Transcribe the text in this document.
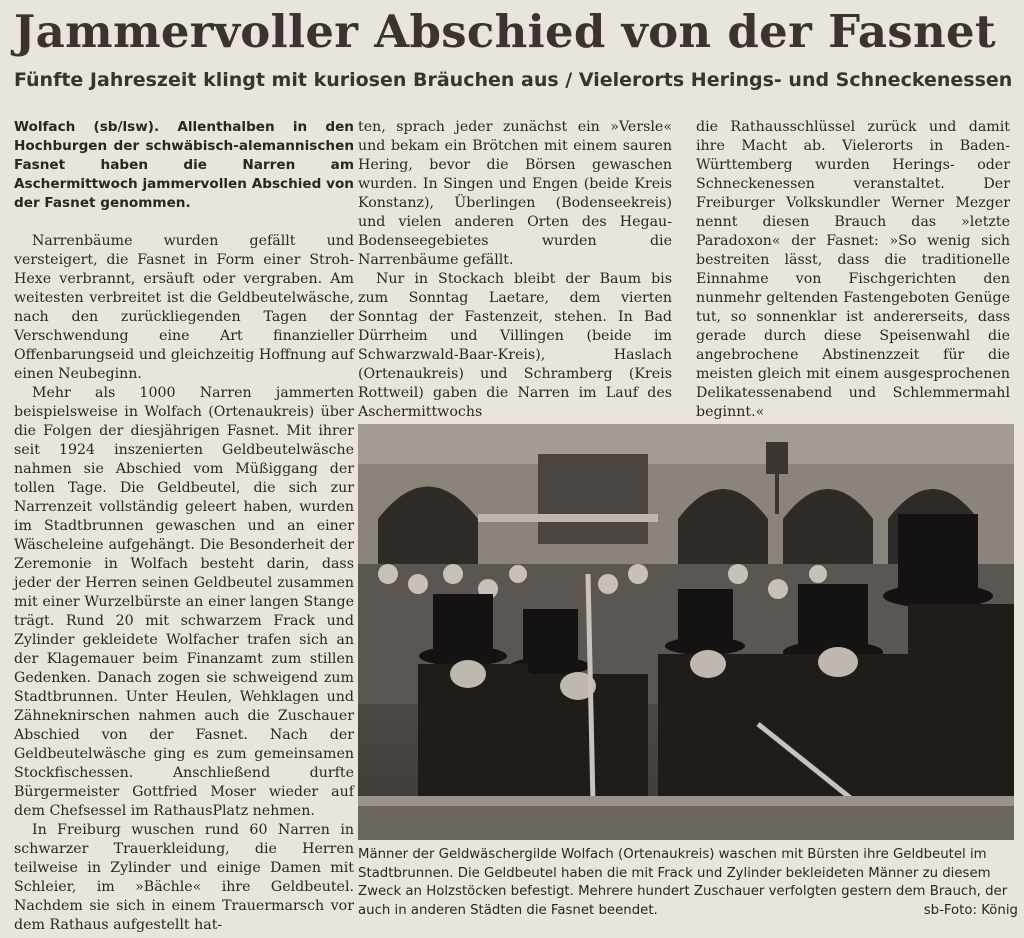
Jammervoller Abschied von der Fasnet
Fünfte Jahreszeit klingt mit kuriosen Bräuchen aus / Vielerorts Herings- und Schneckenessen

Wolfach (sb/lsw). Allenthalben in den Hochburgen der schwäbisch-alemannischen Fasnet haben die Narren am Aschermittwoch jammervollen Abschied von der Fasnet genommen.

Narrenbäume wurden gefällt und versteigert, die Fasnet in Form einer Stroh-Hexe verbrannt, ersäuft oder vergraben. Am weitesten verbreitet ist die Geldbeutelwäsche, nach den zurückliegenden Tagen der Verschwendung eine Art finanzieller Offenbarungseid und gleichzeitig Hoffnung auf einen Neubeginn.

Mehr als 1000 Narren jammerten beispielsweise in Wolfach (Ortenaukreis) über die Folgen der diesjährigen Fasnet. Mit ihrer seit 1924 inszenierten Geldbeutelwäsche nahmen sie Abschied vom Müßiggang der tollen Tage. Die Geldbeutel, die sich zur Narrenzeit vollständig geleert haben, wurden im Stadtbrunnen gewaschen und an einer Wäscheleine aufgehängt. Die Besonderheit der Zeremonie in Wolfach besteht darin, dass jeder der Herren seinen Geldbeutel zusammen mit einer Wurzelbürste an einer langen Stange trägt. Rund 20 mit schwarzem Frack und Zylinder gekleidete Wolfacher trafen sich an der Klagemauer beim Finanzamt zum stillen Gedenken. Danach zogen sie schweigend zum Stadtbrunnen. Unter Heulen, Wehklagen und Zähneknirschen nahmen auch die Zuschauer Abschied von der Fasnet. Nach der Geldbeutelwäsche ging es zum gemeinsamen Stockfischessen. Anschließend durfte Bürgermeister Gottfried Moser wieder auf dem Chefsessel im RathausPlatz nehmen.

In Freiburg wuschen rund 60 Narren in schwarzer Trauerkleidung, die Herren teilweise in Zylinder und einige Damen mit Schleier, im »Bächle« ihre Geldbeutel. Nachdem sie sich in einem Trauermarsch vor dem Rathaus aufgestellt hat-

ten, sprach jeder zunächst ein »Versle« und bekam ein Brötchen mit einem sauren Hering, bevor die Börsen gewaschen wurden. In Singen und Engen (beide Kreis Konstanz), Überlingen (Bodenseekreis) und vielen anderen Orten des Hegau-Bodenseegebietes wurden die Narrenbäume gefällt.

Nur in Stockach bleibt der Baum bis zum Sonntag Laetare, dem vierten Sonntag der Fastenzeit, stehen. In Bad Dürrheim und Villingen (beide im Schwarzwald-Baar-Kreis), Haslach (Ortenaukreis) und Schramberg (Kreis Rottweil) gaben die Narren im Lauf des Aschermittwochs

die Rathausschlüssel zurück und damit ihre Macht ab. Vielerorts in Baden-Württemberg wurden Herings- oder Schneckenessen veranstaltet. Der Freiburger Volkskundler Werner Mezger nennt diesen Brauch das »letzte Paradoxon« der Fasnet: »So wenig sich bestreiten lässt, dass die traditionelle Einnahme von Fischgerichten den nunmehr geltenden Fastengeboten Genüge tut, so sonnenklar ist andererseits, dass gerade durch diese Speisenwahl die angebrochene Abstinenzzeit für die meisten gleich mit einem ausgesprochenen Delikatessenabend und Schlemmermahl beginnt.«

Männer der Geldwäschergilde Wolfach (Ortenaukreis) waschen mit Bürsten ihre Geldbeutel im Stadtbrunnen. Die Geldbeutel haben die mit Frack und Zylinder bekleideten Männer zu diesem Zweck an Holzstöcken befestigt. Mehrere hundert Zuschauer verfolgten gestern dem Brauch, der auch in anderen Städten die Fasnet beendet.	sb-Foto: König
